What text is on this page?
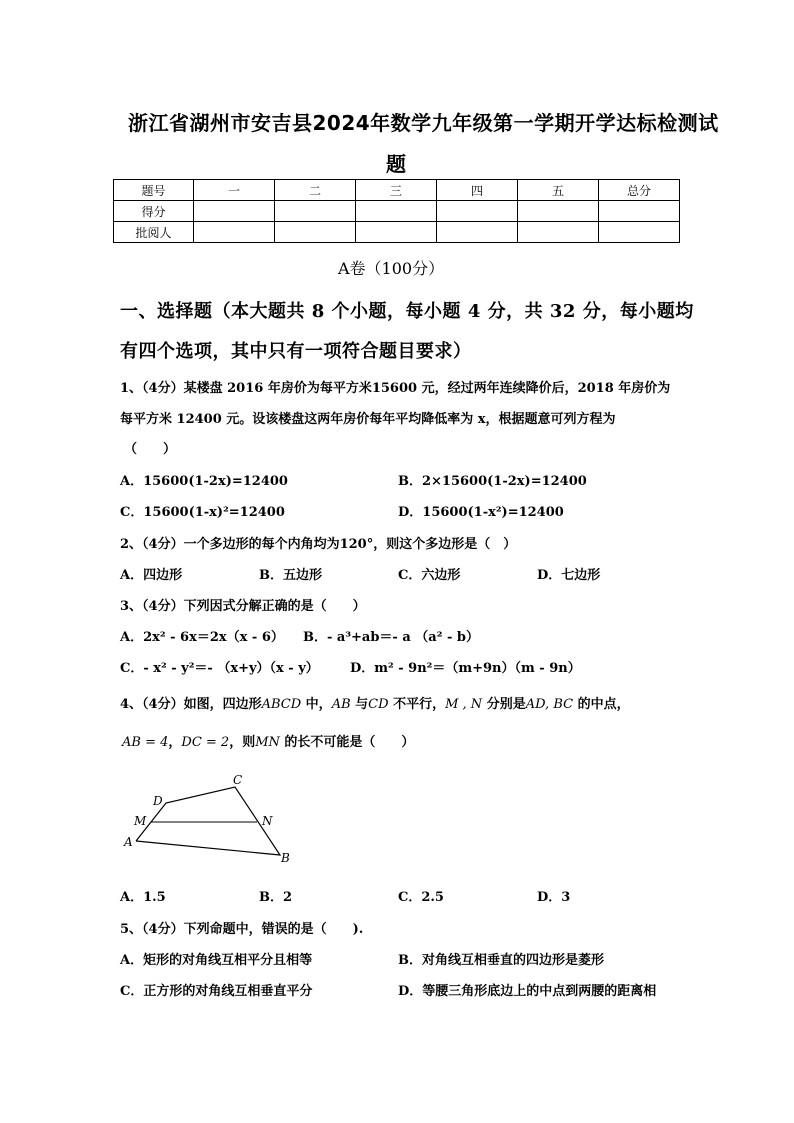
浙江省湖州市安吉县2024年数学九年级第一学期开学达标检测试
题
题号	一	二	三	四	五	总分
得分						
批阅人						
A卷（100分）
一、选择题（本大题共 8 个小题，每小题 4 分，共 32 分，每小题均
有四个选项，其中只有一项符合题目要求）
1、（4分）某楼盘 2016 年房价为每平方米15600 元，经过两年连续降价后，2018 年房价为
每平方米 12400 元。设该楼盘这两年房价每年平均降低率为 x，根据题意可列方程为
（　　）
A．15600(1-2x)=12400	B．2×15600(1-2x)=12400
C．15600(1-x)²=12400	D．15600(1-x²)=12400
2、（4分）一个多边形的每个内角均为120°，则这个多边形是（　）
A．四边形	B．五边形	C．六边形	D．七边形
3、（4分）下列因式分解正确的是（　　）
A．2x² - 6x＝2x（x - 6） B．- a³+ab＝- a （a² - b）
C．- x² - y²＝- （x+y）（x - y） D．m² - 9n²＝（m+9n）（m - 9n）
4、（4分）如图，四边形ABCD 中，AB 与CD 不平行，M , N 分别是AD, BC 的中点，
AB = 4，DC = 2，则MN 的长不可能是（　　）
A
B
C
D
M	N
A．1.5	B．2	C．2.5	D．3
5、（4分）下列命题中，错误的是（　　).
A．矩形的对角线互相平分且相等	B．对角线互相垂直的四边形是菱形
C．正方形的对角线互相垂直平分	D．等腰三角形底边上的中点到两腰的距离相
